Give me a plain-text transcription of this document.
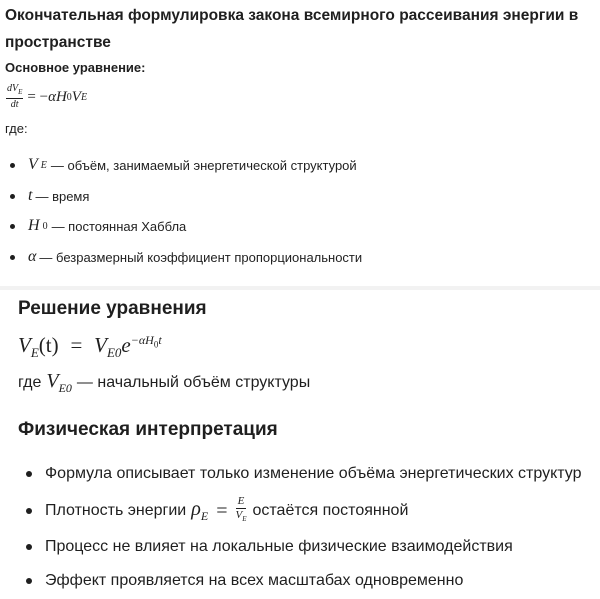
Окончательная формулировка закона всемирного рассеивания энергии в пространстве
Основное уравнение:
$\frac{dV_E}{dt}$ = − α H 0 V E
где:
V E — объём, занимаемый энергетической структурой
t — время
H 0 — постоянная Хаббла
α — безразмерный коэффициент пропорциональности
Решение уравнения
$V_E(t) = V_{E0}e^{-\alpha H_0t}$
где $V_{E0}$ — начальный объём структуры
Физическая интерпретация
Формула описывает только изменение объёма энергетических структур
Плотность энергии $\rho_E = \frac{E}{V_E}$ остаётся постоянной
Процесс не влияет на локальные физические взаимодействия
Эффект проявляется на всех масштабах одновременно
